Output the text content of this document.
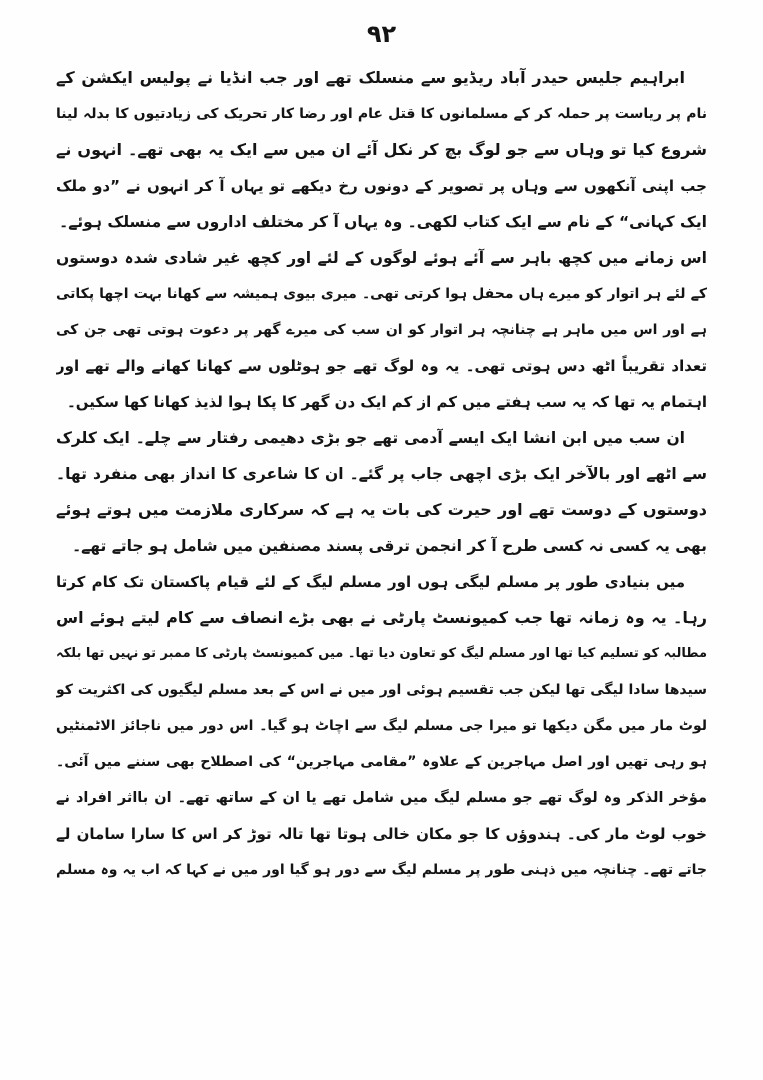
۹۲
ابراہیم جلیس حیدر آباد ریڈیو سے منسلک تھے اور جب انڈیا نے پولیس ایکشن کے
نام پر ریاست پر حملہ کر کے مسلمانوں کا قتل عام اور رضا کار تحریک کی زیادتیوں کا بدلہ لینا
شروع کیا تو وہاں سے جو لوگ بچ کر نکل آئے ان میں سے ایک یہ بھی تھے۔ انہوں نے
جب اپنی آنکھوں سے وہاں پر تصویر کے دونوں رخ دیکھے تو یہاں آ کر انہوں نے ”دو ملک
ایک کہانی“ کے نام سے ایک کتاب لکھی۔ وہ یہاں آ کر مختلف اداروں سے منسلک ہوئے۔
اس زمانے میں کچھ باہر سے آئے ہوئے لوگوں کے لئے اور کچھ غیر شادی شدہ دوستوں
کے لئے ہر اتوار کو میرے ہاں محفل ہوا کرتی تھی۔ میری بیوی ہمیشہ سے کھانا بہت اچھا پکاتی
ہے اور اس میں ماہر ہے چنانچہ ہر اتوار کو ان سب کی میرے گھر پر دعوت ہوتی تھی جن کی
تعداد تقریباً اٹھ دس ہوتی تھی۔ یہ وہ لوگ تھے جو ہوٹلوں سے کھانا کھانے والے تھے اور
اہتمام یہ تھا کہ یہ سب ہفتے میں کم از کم ایک دن گھر کا پکا ہوا لذیذ کھانا کھا سکیں۔
ان سب میں ابن انشا ایک ایسے آدمی تھے جو بڑی دھیمی رفتار سے چلے۔ ایک کلرک
سے اٹھے اور بالآخر ایک بڑی اچھی جاب پر گئے۔ ان کا شاعری کا انداز بھی منفرد تھا۔
دوستوں کے دوست تھے اور حیرت کی بات یہ ہے کہ سرکاری ملازمت میں ہوتے ہوئے
بھی یہ کسی نہ کسی طرح آ کر انجمن ترقی پسند مصنفین میں شامل ہو جاتے تھے۔
میں بنیادی طور پر مسلم لیگی ہوں اور مسلم لیگ کے لئے قیام پاکستان تک کام کرتا
رہا۔ یہ وہ زمانہ تھا جب کمیونسٹ پارٹی نے بھی بڑے انصاف سے کام لیتے ہوئے اس
مطالبہ کو تسلیم کیا تھا اور مسلم لیگ کو تعاون دیا تھا۔ میں کمیونسٹ پارٹی کا ممبر تو نہیں تھا بلکہ
سیدھا سادا لیگی تھا لیکن جب تقسیم ہوئی اور میں نے اس کے بعد مسلم لیگیوں کی اکثریت کو
لوٹ مار میں مگن دیکھا تو میرا جی مسلم لیگ سے اچاٹ ہو گیا۔ اس دور میں ناجائز الاٹمنٹیں
ہو رہی تھیں اور اصل مہاجرین کے علاوہ ”مقامی مہاجرین“ کی اصطلاح بھی سننے میں آئی۔
مؤخر الذکر وہ لوگ تھے جو مسلم لیگ میں شامل تھے یا ان کے ساتھ تھے۔ ان بااثر افراد نے
خوب لوٹ مار کی۔ ہندوؤں کا جو مکان خالی ہوتا تھا تالہ توڑ کر اس کا سارا سامان لے
جاتے تھے۔ چنانچہ میں ذہنی طور پر مسلم لیگ سے دور ہو گیا اور میں نے کہا کہ اب یہ وہ مسلم
